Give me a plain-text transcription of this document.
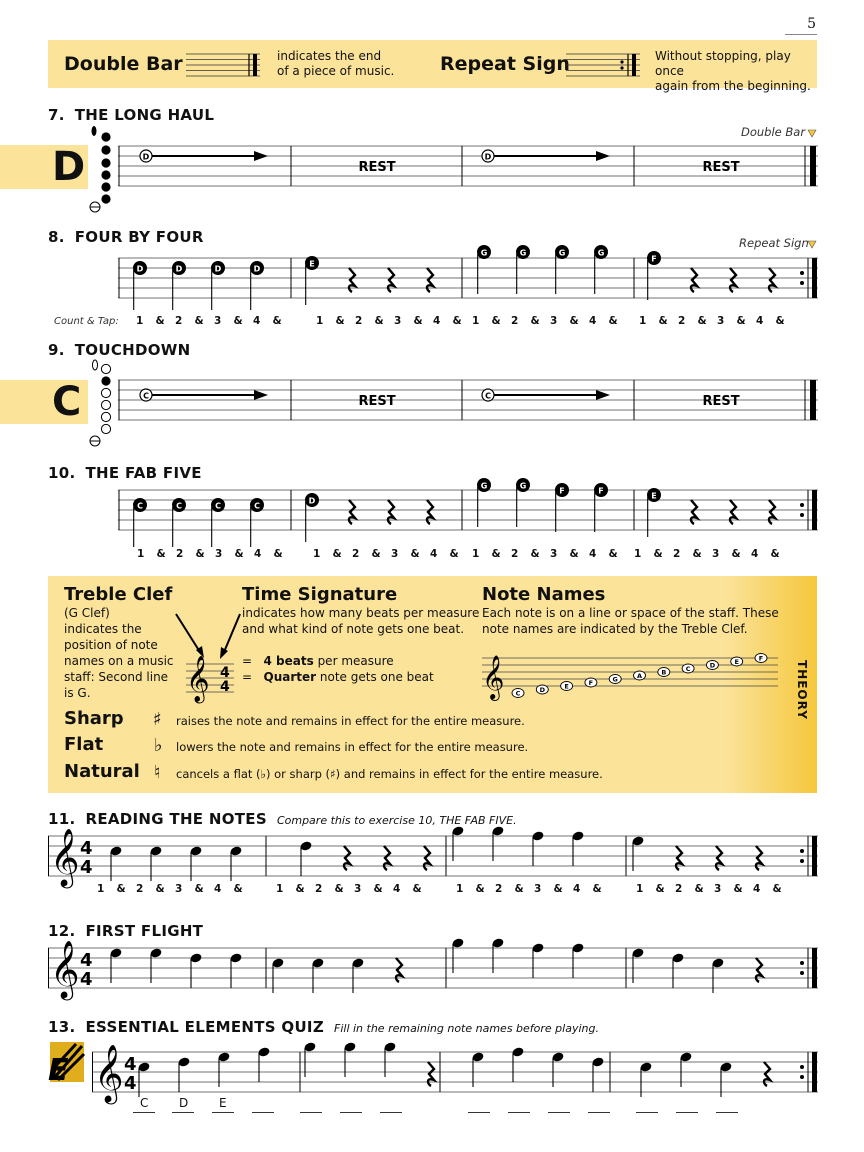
5
Double Bar	indicates the end
of a piece of music. Repeat Sign	Without stopping, play once
again from the beginning.
7. THE LONG HAUL
Double Bar
D	D
REST
D
REST
8. FOUR BY FOUR	Repeat Sign
D	D	D	D
E
G	G	G	G
F
Count & Tap: 1 & 2 & 3 & 4 &	1 & 2 & 3 & 4 & 1 & 2 & 3 & 4 & 1 & 2 & 3 & 4 &
9. TOUCHDOWN
C	C	REST	C	REST
10. THE FAB FIVE
C	C	C	C
D
G	G
F	F
E
1 & 2 & 3 & 4 &	1 & 2 & 3 & 4 & 1 & 2 & 3 & 4 & 1 & 2 & 3 & 4 &
Treble Clef
(G Clef)
indicates the
position of note
names on a music
staff: Second line
is G.	𝄞 4
4
Time Signature
indicates how many beats per measure
and what kind of note gets one beat.
= 4 beats per measure
= Quarter note gets one beat
Note Names
Each note is on a line or space of the staff. These
note names are indicated by the Treble Clef.
𝄞 C	D	E	F	G	A	B	C	D	E	F
THEORY
Sharp ♯ raises the note and remains in effect for the entire measure.
Flat	♭ lowers the note and remains in effect for the entire measure.
Natural ♮ cancels a flat (♭) or sharp (♯) and remains in effect for the entire measure.
11. READING THE NOTES Compare this to exercise 10, THE FAB FIVE.
𝄞 4
4
1 & 2 & 3 & 4 &	1 & 2 & 3 & 4 &	1 & 2 & 3 & 4 &	1 & 2 & 3 & 4 &
12. FIRST FLIGHT
𝄞 4
4
13. ESSENTIAL ELEMENTS QUIZ Fill in the remaining note names before playing.
E 𝄞 4
4
C	D	E
